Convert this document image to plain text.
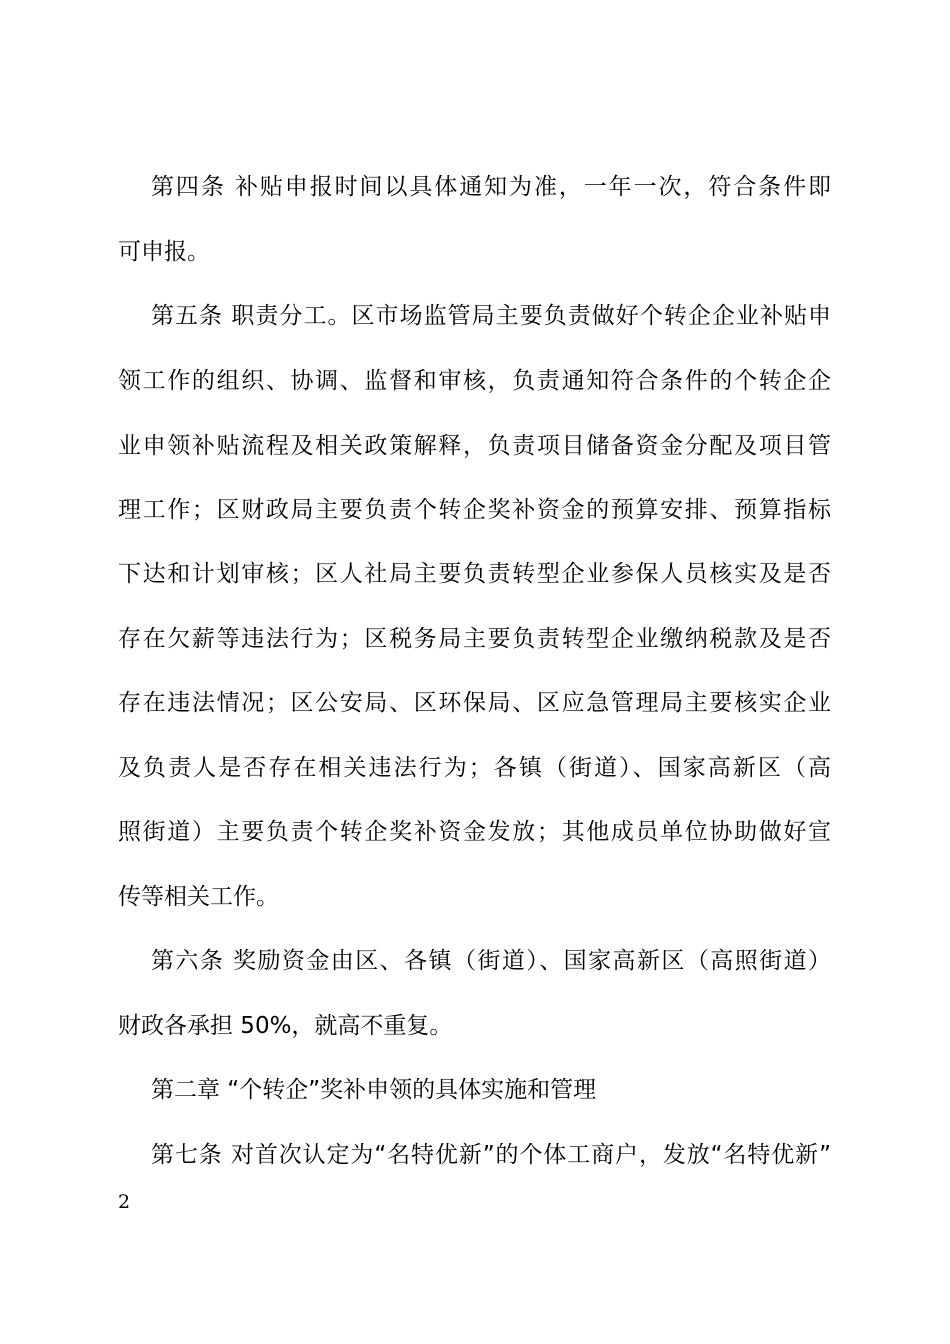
第四条 补贴申报时间以具体通知为准，一年一次，符合条件即
可申报。
第五条 职责分工。区市场监管局主要负责做好个转企企业补贴申
领工作的组织、协调、监督和审核，负责通知符合条件的个转企企
业申领补贴流程及相关政策解释，负责项目储备资金分配及项目管
理工作；区财政局主要负责个转企奖补资金的预算安排、预算指标
下达和计划审核；区人社局主要负责转型企业参保人员核实及是否
存在欠薪等违法行为；区税务局主要负责转型企业缴纳税款及是否
存在违法情况；区公安局、区环保局、区应急管理局主要核实企业
及负责人是否存在相关违法行为；各镇（街道）、国家高新区（高
照街道）主要负责个转企奖补资金发放；其他成员单位协助做好宣
传等相关工作。
第六条 奖励资金由区、各镇（街道）、国家高新区（高照街道）
财政各承担 50%，就高不重复。
第二章 “个转企”奖补申领的具体实施和管理
第七条 对首次认定为“名特优新”的个体工商户，发放“名特优新”
2
